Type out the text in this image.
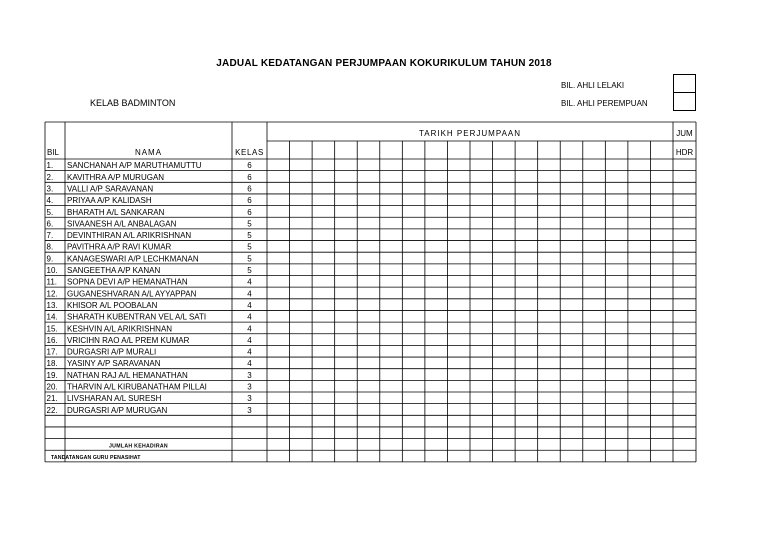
JADUAL KEDATANGAN PERJUMPAAN KOKURIKULUM TAHUN 2018
KELAB BADMINTON
BIL. AHLI LELAKI
BIL. AHLI PEREMPUAN
BIL	NAMA	KELAS
TARIKH PERJUMPAAN	JUM
HDR
1. SANCHANAH A/P MARUTHAMUTTU	6
2. KAVITHRA A/P MURUGAN	6
3. VALLI A/P SARAVANAN	6
4. PRIYAA A/P KALIDASH	6
5. BHARATH A/L SANKARAN	6
6. SIVAANESH A/L ANBALAGAN	5
7. DEVINTHIRAN A/L ARIKRISHNAN	5
8. PAVITHRA A/P RAVI KUMAR	5
9. KANAGESWARI A/P LECHKMANAN	5
10. SANGEETHA A/P KANAN	5
11. SOPNA DEVI A/P HEMANATHAN	4
12. GUGANESHVARAN A/L AYYAPPAN	4
13. KHISOR A/L POOBALAN	4
14. SHARATH KUBENTRAN VEL A/L SATI	4
15. KESHVIN A/L ARIKRISHNAN	4
16. VRICIHN RAO A/L PREM KUMAR	4
17. DURGASRI A/P MURALI	4
18. YASINY A/P SARAVANAN	4
19. NATHAN RAJ A/L HEMANATHAN	3
20. THARVIN A/L KIRUBANATHAM PILLAI	3
21. LIVSHARAN A/L SURESH	3
22. DURGASRI A/P MURUGAN	3
JUMLAH KEHADIRAN
TANDATANGAN GURU PENASIHAT
